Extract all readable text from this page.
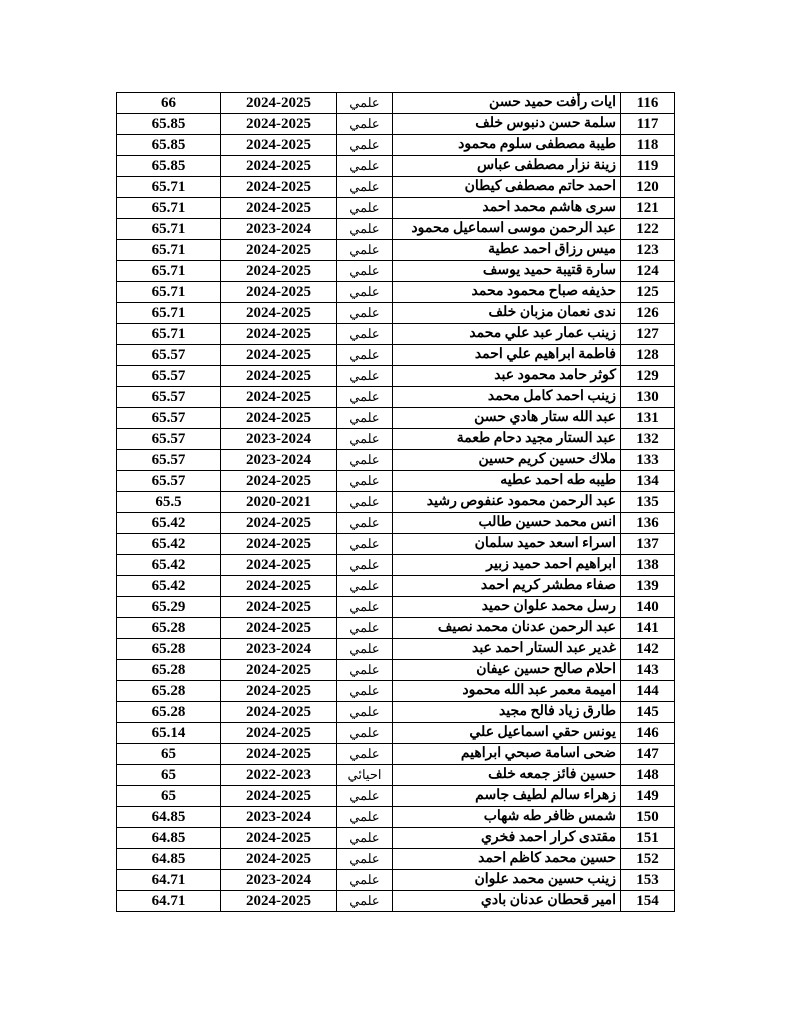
66	2024-2025	علمي	ايات رأفت حميد حسن	116
65.85	2024-2025	علمي	سلمة حسن دنبوس خلف	117
65.85	2024-2025	علمي	طيبة مصطفى سلوم محمود	118
65.85	2024-2025	علمي	زينة نزار مصطفى عباس	119
65.71	2024-2025	علمي	احمد حاتم مصطفى كيطان	120
65.71	2024-2025	علمي	سرى هاشم محمد احمد	121
65.71	2023-2024	علمي	عبد الرحمن موسى اسماعيل محمود	122
65.71	2024-2025	علمي	ميس رزاق احمد عطية	123
65.71	2024-2025	علمي	سارة قتيبة حميد يوسف	124
65.71	2024-2025	علمي	حذيفه صباح محمود محمد	125
65.71	2024-2025	علمي	ندى نعمان مزبان خلف	126
65.71	2024-2025	علمي	زينب عمار عبد علي محمد	127
65.57	2024-2025	علمي	فاطمة ابراهيم علي احمد	128
65.57	2024-2025	علمي	كوثر حامد محمود عبد	129
65.57	2024-2025	علمي	زينب احمد كامل محمد	130
65.57	2024-2025	علمي	عبد الله ستار هادي حسن	131
65.57	2023-2024	علمي	عبد الستار مجيد دحام طعمة	132
65.57	2023-2024	علمي	ملاك حسين كريم حسين	133
65.57	2024-2025	علمي	طيبه طه احمد عطيه	134
65.5	2020-2021	علمي	عبد الرحمن محمود عنفوص رشيد	135
65.42	2024-2025	علمي	انس محمد حسين طالب	136
65.42	2024-2025	علمي	اسراء اسعد حميد سلمان	137
65.42	2024-2025	علمي	ابراهيم احمد حميد زبير	138
65.42	2024-2025	علمي	صفاء مطشر كريم احمد	139
65.29	2024-2025	علمي	رسل محمد علوان حميد	140
65.28	2024-2025	علمي	عبد الرحمن عدنان محمد نصيف	141
65.28	2023-2024	علمي	غدير عبد الستار احمد عبد	142
65.28	2024-2025	علمي	احلام صالح حسين عيفان	143
65.28	2024-2025	علمي	اميمة معمر عبد الله محمود	144
65.28	2024-2025	علمي	طارق زياد فالح مجيد	145
65.14	2024-2025	علمي	يونس حقي اسماعيل علي	146
65	2024-2025	علمي	ضحى اسامة صبحي ابراهيم	147
65	2022-2023	احيائي	حسين فائز جمعه خلف	148
65	2024-2025	علمي	زهراء سالم لطيف جاسم	149
64.85	2023-2024	علمي	شمس ظافر طه شهاب	150
64.85	2024-2025	علمي	مقتدى كرار احمد فخري	151
64.85	2024-2025	علمي	حسين محمد كاظم احمد	152
64.71	2023-2024	علمي	زينب حسين محمد علوان	153
64.71	2024-2025	علمي	امير قحطان عدنان بادي	154
